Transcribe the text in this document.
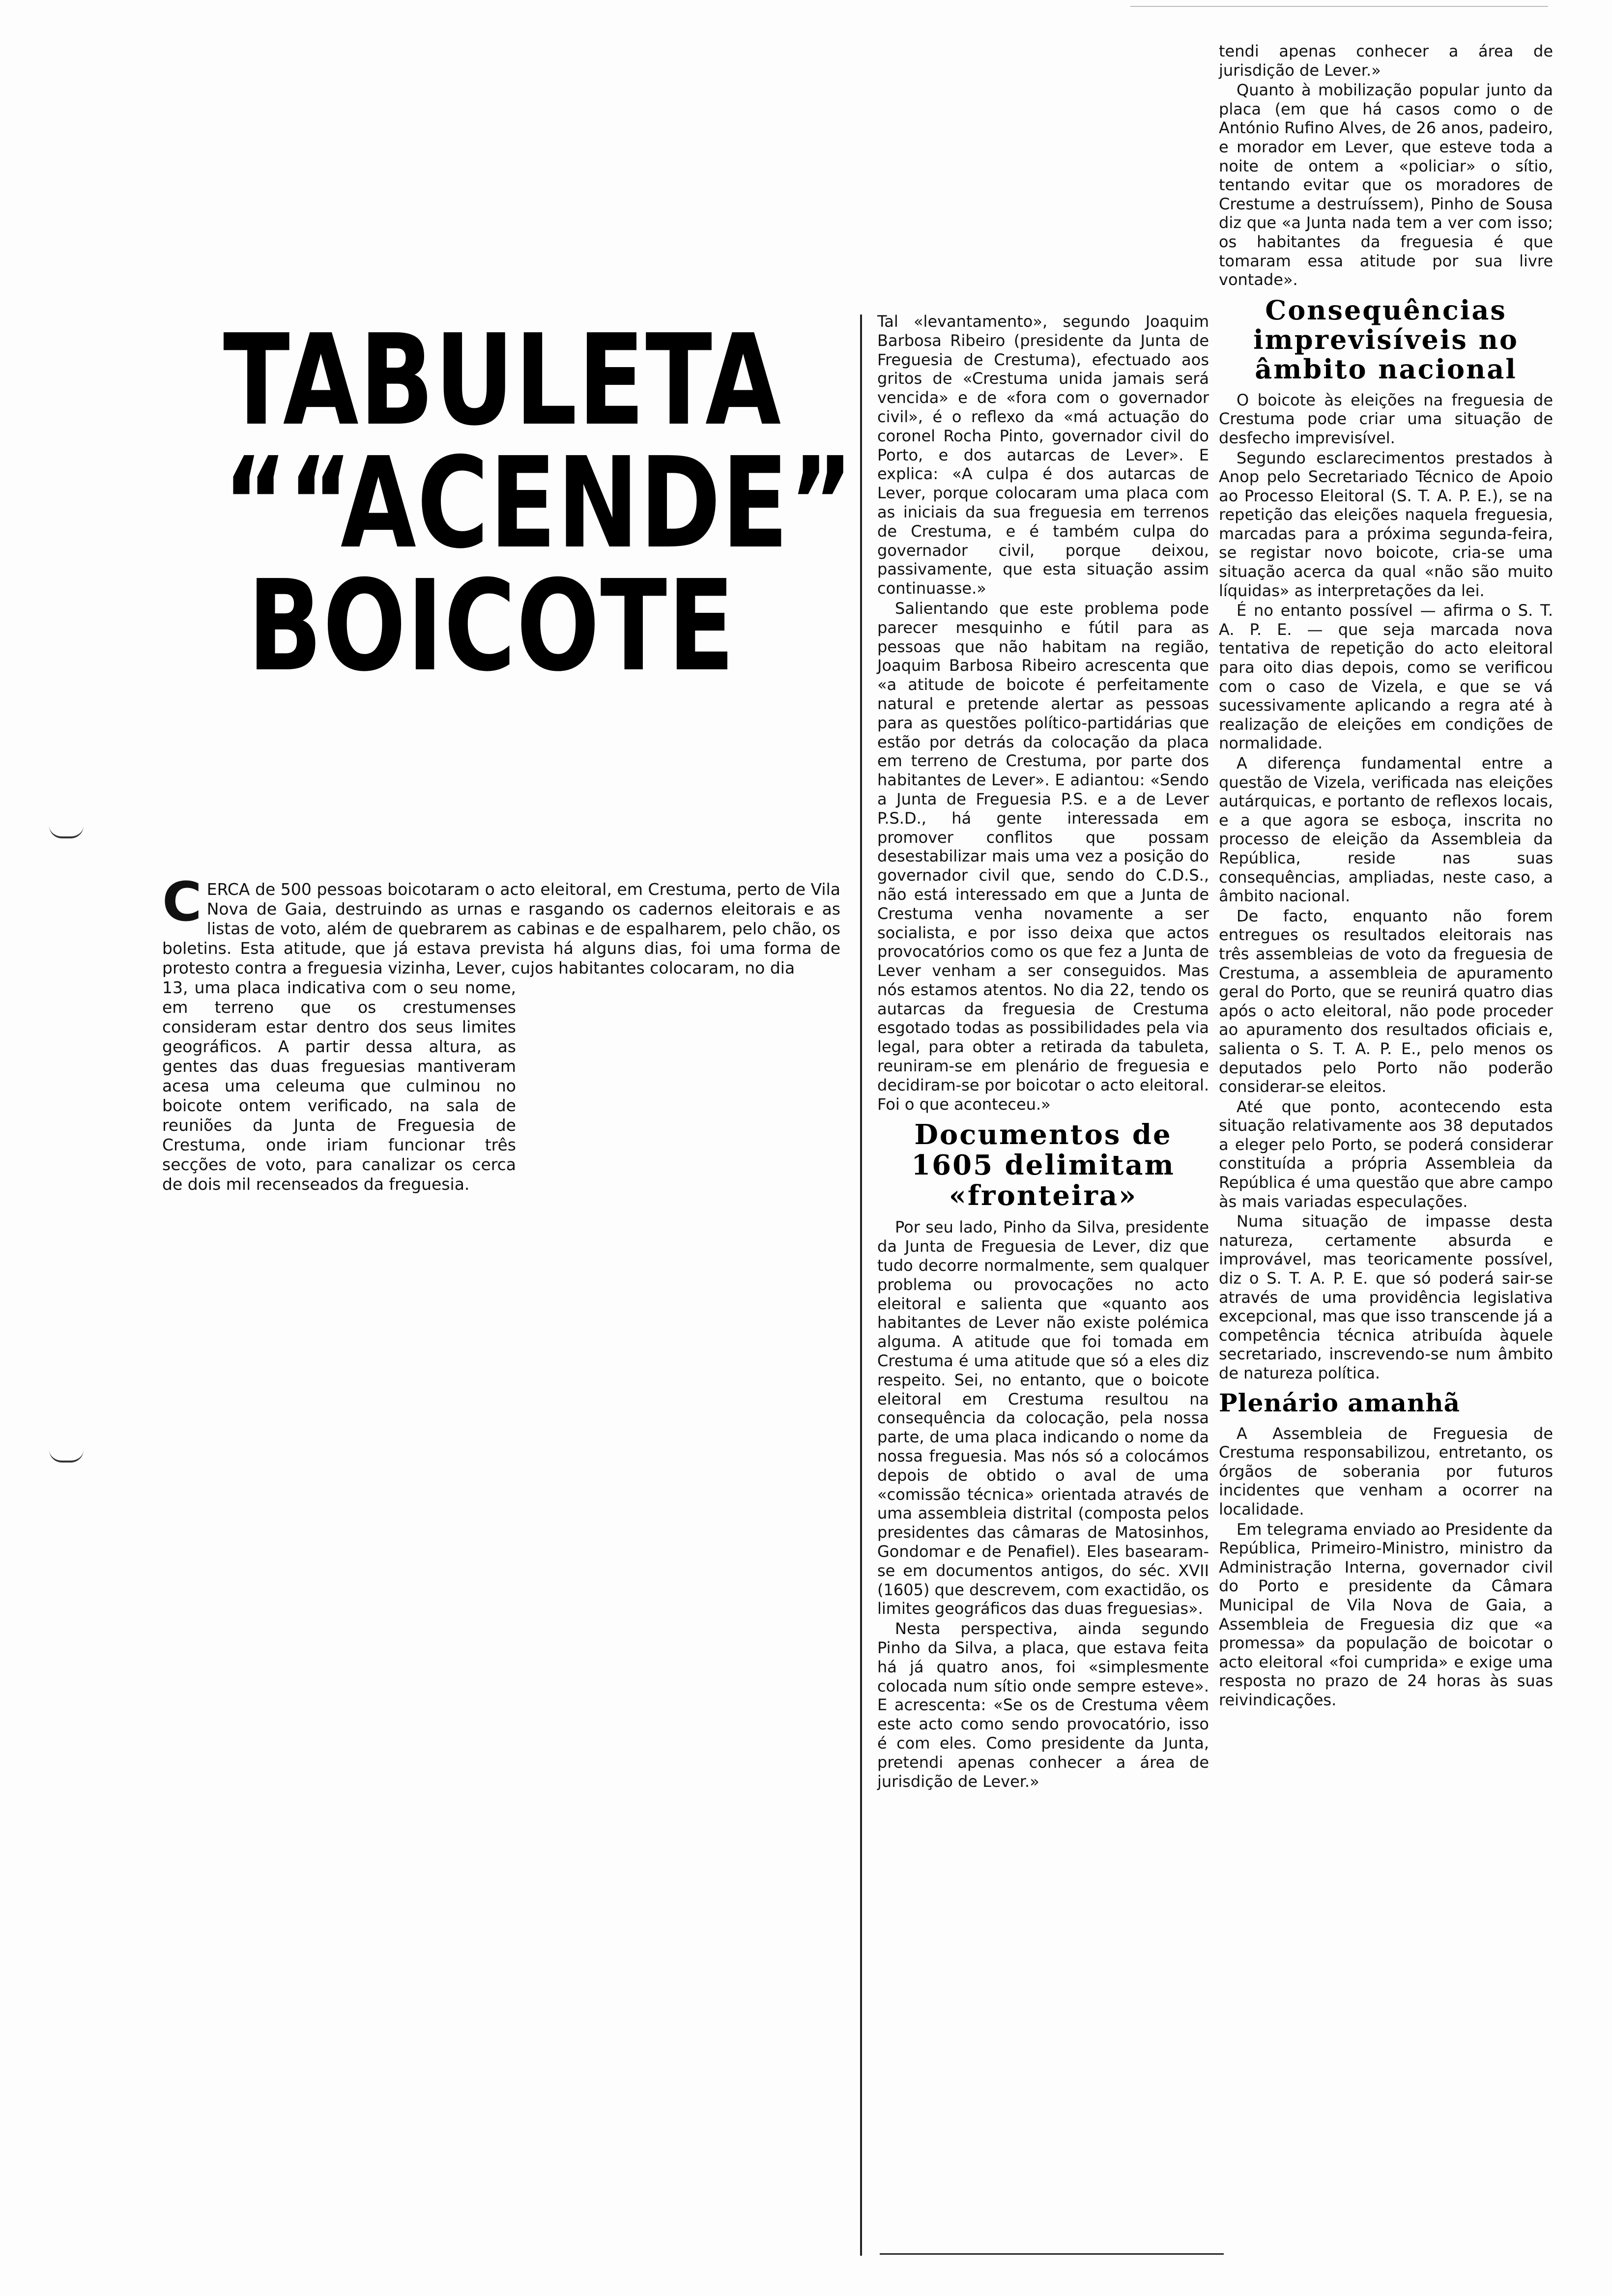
TABULETA
““ACENDE”
BOICOTE

CERCA de 500 pessoas boicotaram o acto eleitoral, em Crestuma, perto de Vila Nova de Gaia, destruindo as urnas e rasgando os cadernos eleitorais e as listas de voto, além de quebrarem as cabinas e de espalharem, pelo chão, os boletins. Esta atitude, que já estava prevista há alguns dias, foi uma forma de protesto contra a freguesia vizinha, Lever, cujos habitantes colocaram, no dia

13, uma placa indicativa com o seu nome, em terreno que os crestumenses consideram estar dentro dos seus limites geográficos. A partir dessa altura, as gentes das duas freguesias mantiveram acesa uma celeuma que culminou no boicote ontem verificado, na sala de reuniões da Junta de Freguesia de Crestuma, onde iriam funcionar três secções de voto, para canalizar os cerca de dois mil recenseados da freguesia.

Tal «levantamento», segundo Joaquim Barbosa Ribeiro (presidente da Junta de Freguesia de Crestuma), efectuado aos gritos de «Crestuma unida jamais será vencida» e de «fora com o governador civil», é o reflexo da «má actuação do coronel Rocha Pinto, governador civil do Porto, e dos autarcas de Lever». E explica: «A culpa é dos autarcas de Lever, porque colocaram uma placa com as iniciais da sua freguesia em terrenos de Crestuma, e é também culpa do governador civil, porque deixou, passivamente, que esta situação assim continuasse.»

Salientando que este problema pode parecer mesquinho e fútil para as pessoas que não habitam na região, Joaquim Barbosa Ribeiro acrescenta que «a atitude de boicote é perfeitamente natural e pretende alertar as pessoas para as questões político-partidárias que estão por detrás da colocação da placa em terreno de Crestuma, por parte dos habitantes de Lever». E adiantou: «Sendo a Junta de Freguesia P.S. e a de Lever P.S.D., há gente interessada em promover conflitos que possam desestabilizar mais uma vez a posição do governador civil que, sendo do C.D.S., não está interessado em que a Junta de Crestuma venha novamente a ser socialista, e por isso deixa que actos provocatórios como os que fez a Junta de Lever venham a ser conseguidos. Mas nós estamos atentos. No dia 22, tendo os autarcas da freguesia de Crestuma esgotado todas as possibilidades pela via legal, para obter a retirada da tabuleta, reuniram-se em plenário de freguesia e decidiram-se por boicotar o acto eleitoral. Foi o que aconteceu.»

Documentos de 1605 delimitam «fronteira»

Por seu lado, Pinho da Silva, presidente da Junta de Freguesia de Lever, diz que tudo decorre normalmente, sem qualquer problema ou provocações no acto eleitoral e salienta que «quanto aos habitantes de Lever não existe polémica alguma. A atitude que foi tomada em Crestuma é uma atitude que só a eles diz respeito. Sei, no entanto, que o boicote eleitoral em Crestuma resultou na consequência da colocação, pela nossa parte, de uma placa indicando o nome da nossa freguesia. Mas nós só a colocámos depois de obtido o aval de uma «comissão técnica» orientada através de uma assembleia distrital (composta pelos presidentes das câmaras de Matosinhos, Gondomar e de Penafiel). Eles basearam-se em documentos antigos, do séc. XVII (1605) que descrevem, com exactidão, os limites geográficos das duas freguesias».

Nesta perspectiva, ainda segundo Pinho da Silva, a placa, que estava feita há já quatro anos, foi «simplesmente colocada num sítio onde sempre esteve». E acrescenta: «Se os de Crestuma vêem este acto como sendo provocatório, isso é com eles. Como presidente da Junta, pretendi apenas conhecer a área de jurisdição de Lever.»

tendi apenas conhecer a área de jurisdição de Lever.»

Quanto à mobilização popular junto da placa (em que há casos como o de António Rufino Alves, de 26 anos, padeiro, e morador em Lever, que esteve toda a noite de ontem a «policiar» o sítio, tentando evitar que os moradores de Crestume a destruíssem), Pinho de Sousa diz que «a Junta nada tem a ver com isso; os habitantes da freguesia é que tomaram essa atitude por sua livre vontade».

Consequências imprevisíveis no âmbito nacional

O boicote às eleições na freguesia de Crestuma pode criar uma situação de desfecho imprevisível.

Segundo esclarecimentos prestados à Anop pelo Secretariado Técnico de Apoio ao Processo Eleitoral (S. T. A. P. E.), se na repetição das eleições naquela freguesia, marcadas para a próxima segunda-feira, se registar novo boicote, cria-se uma situação acerca da qual «não são muito líquidas» as interpretações da lei.

É no entanto possível — afirma o S. T. A. P. E. — que seja marcada nova tentativa de repetição do acto eleitoral para oito dias depois, como se verificou com o caso de Vizela, e que se vá sucessivamente aplicando a regra até à realização de eleições em condições de normalidade.

A diferença fundamental entre a questão de Vizela, verificada nas eleições autárquicas, e portanto de reflexos locais, e a que agora se esboça, inscrita no processo de eleição da Assembleia da República, reside nas suas consequências, ampliadas, neste caso, a âmbito nacional.

De facto, enquanto não forem entregues os resultados eleitorais nas três assembleias de voto da freguesia de Crestuma, a assembleia de apuramento geral do Porto, que se reunirá quatro dias após o acto eleitoral, não pode proceder ao apuramento dos resultados oficiais e, salienta o S. T. A. P. E., pelo menos os deputados pelo Porto não poderão considerar-se eleitos.

Até que ponto, acontecendo esta situação relativamente aos 38 deputados a eleger pelo Porto, se poderá considerar constituída a própria Assembleia da República é uma questão que abre campo às mais variadas especulações.

Numa situação de impasse desta natureza, certamente absurda e improvável, mas teoricamente possível, diz o S. T. A. P. E. que só poderá sair-se através de uma providência legislativa excepcional, mas que isso transcende já a competência técnica atribuída àquele secretariado, inscrevendo-se num âmbito de natureza política.

Plenário amanhã

A Assembleia de Freguesia de Crestuma responsabilizou, entretanto, os órgãos de soberania por futuros incidentes que venham a ocorrer na localidade.

Em telegrama enviado ao Presidente da República, Primeiro-Ministro, ministro da Administração Interna, governador civil do Porto e presidente da Câmara Municipal de Vila Nova de Gaia, a Assembleia de Freguesia diz que «a promessa» da população de boicotar o acto eleitoral «foi cumprida» e exige uma resposta no prazo de 24 horas às suas reivindicações.
